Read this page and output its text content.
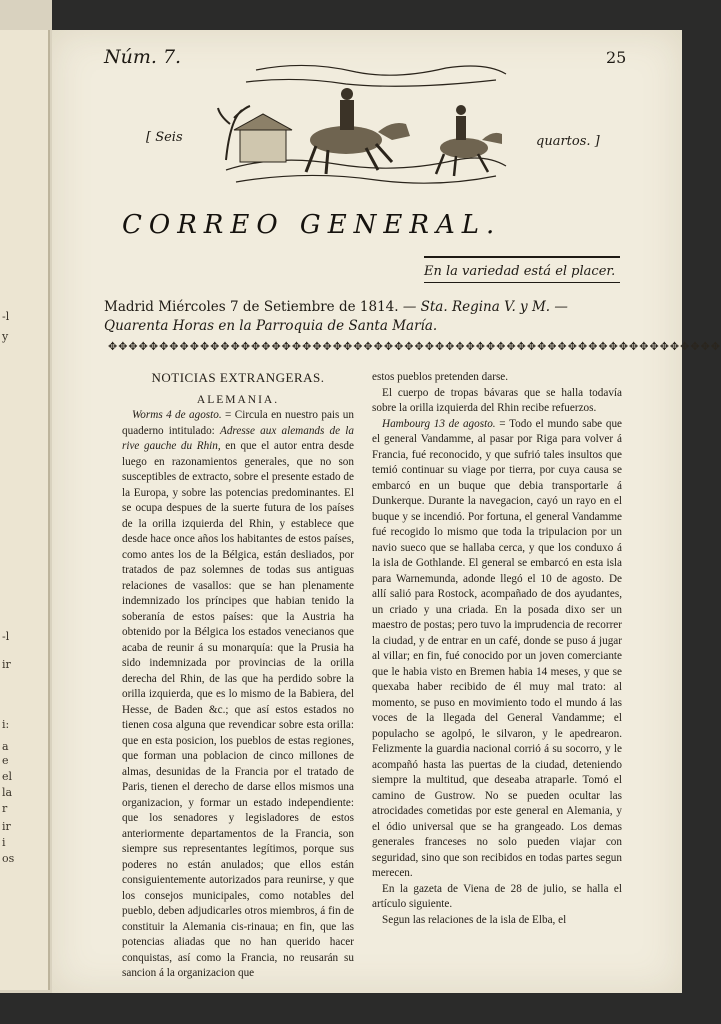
-l
y
-l
ir
i:
a
e
el
la
r
ir
i
os
Núm. 7.	25
[ Seis	quartos. ]
CORREO GENERAL.
En la variedad está el placer.
Madrid Miércoles 7 de Setiembre de 1814. — Sta. Regina V. y M. — Quarenta Horas en la Parroquia de Santa María.
✥✥✥✥✥✥✥✥✥✥✥✥✥✥✥✥✥✥✥✥✥✥✥✥✥✥✥✥✥✥✥✥✥✥✥✥✥✥✥✥✥✥✥✥✥✥✥✥✥✥✥✥✥✥✥✥✥✥✥✥
NOTICIAS EXTRANGERAS.
ALEMANIA.

Worms 4 de agosto. = Circula en nuestro pais un quaderno intitulado: Adresse aux alemands de la rive gauche du Rhin, en que el autor entra desde luego en razonamientos generales, que no son susceptibles de extracto, sobre el presente estado de la Europa, y sobre las potencias predominantes. El se ocupa despues de la suerte futura de los países de la orilla izquierda del Rhin, y establece que desde hace once años los habitantes de estos países, como antes los de la Bélgica, están desliados, por tratados de paz solemnes de todas sus antiguas relaciones de vasallos: que se han plenamente indemnizado los príncipes que habian tenido la soberanía de estos países: que la Austria ha obtenido por la Bélgica los estados venecianos que acaba de reunir á su monarquía: que la Prusia ha sido indemnizada por provincias de la orilla derecha del Rhin, de las que ha perdido sobre la orilla izquierda, que es lo mismo de la Babiera, del Hesse, de Baden &c.; que así estos estados no tienen cosa alguna que revendicar sobre esta orilla: que en esta posicion, los pueblos de estas regiones, que forman una poblacion de cinco millones de almas, desunidas de la Francia por el tratado de Paris, tienen el derecho de darse ellos mismos una organizacion, y formar un estado independiente: que los senadores y legisladores de estos anteriormente departamentos de la Francia, son siempre sus representantes legítimos, porque sus poderes no están anulados; que ellos están consiguientemente autorizados para reunirse, y que los consejos municipales, como notables del pueblo, deben adjudicarles otros miembros, á fin de constituir la Alemania cis-rinaua; en fin, que las potencias aliadas que no han querido hacer conquistas, así como la Francia, no reusarán su sancion á la organizacion que

estos pueblos pretenden darse.

El cuerpo de tropas bávaras que se halla todavía sobre la orilla izquierda del Rhin recibe refuerzos.

Hambourg 13 de agosto. = Todo el mundo sabe que el general Vandamme, al pasar por Riga para volver á Francia, fué reconocido, y que sufrió tales insultos que temió continuar su viage por tierra, por cuya causa se embarcó en un buque que debia transportarle á Dunkerque. Durante la navegacion, cayó un rayo en el buque y se incendió. Por fortuna, el general Vandamme fué recogido lo mismo que toda la tripulacion por un navio sueco que se hallaba cerca, y que los conduxo á la isla de Gothlande. El general se embarcó en esta isla para Warnemunda, adonde llegó el 10 de agosto. De allí salió para Rostock, acompañado de dos ayudantes, un criado y una criada. En la posada dixo ser un maestro de postas; pero tuvo la imprudencia de recorrer la ciudad, y de entrar en un café, donde se puso á jugar al villar; en fin, fué conocido por un joven comerciante que le habia visto en Bremen habia 14 meses, y que se quexaba haber recibido de él muy mal trato: al momento, se puso en movimiento todo el mundo á las voces de la llegada del General Vandamme; el populacho se agolpó, le silvaron, y le apedrearon. Felizmente la guardia nacional corrió á su socorro, y le acompañó hasta las puertas de la ciudad, deteniendo siempre la multitud, que deseaba atraparle. Tomó el camino de Gustrow. No se pueden ocultar las atrocidades cometidas por este general en Alemania, y el ódio universal que se ha grangeado. Los demas generales franceses no solo pueden viajar con seguridad, sino que son recibidos en todas partes segun merecen.

En la gazeta de Viena de 28 de julio, se halla el artículo siguiente.

Segun las relaciones de la isla de Elba, el
